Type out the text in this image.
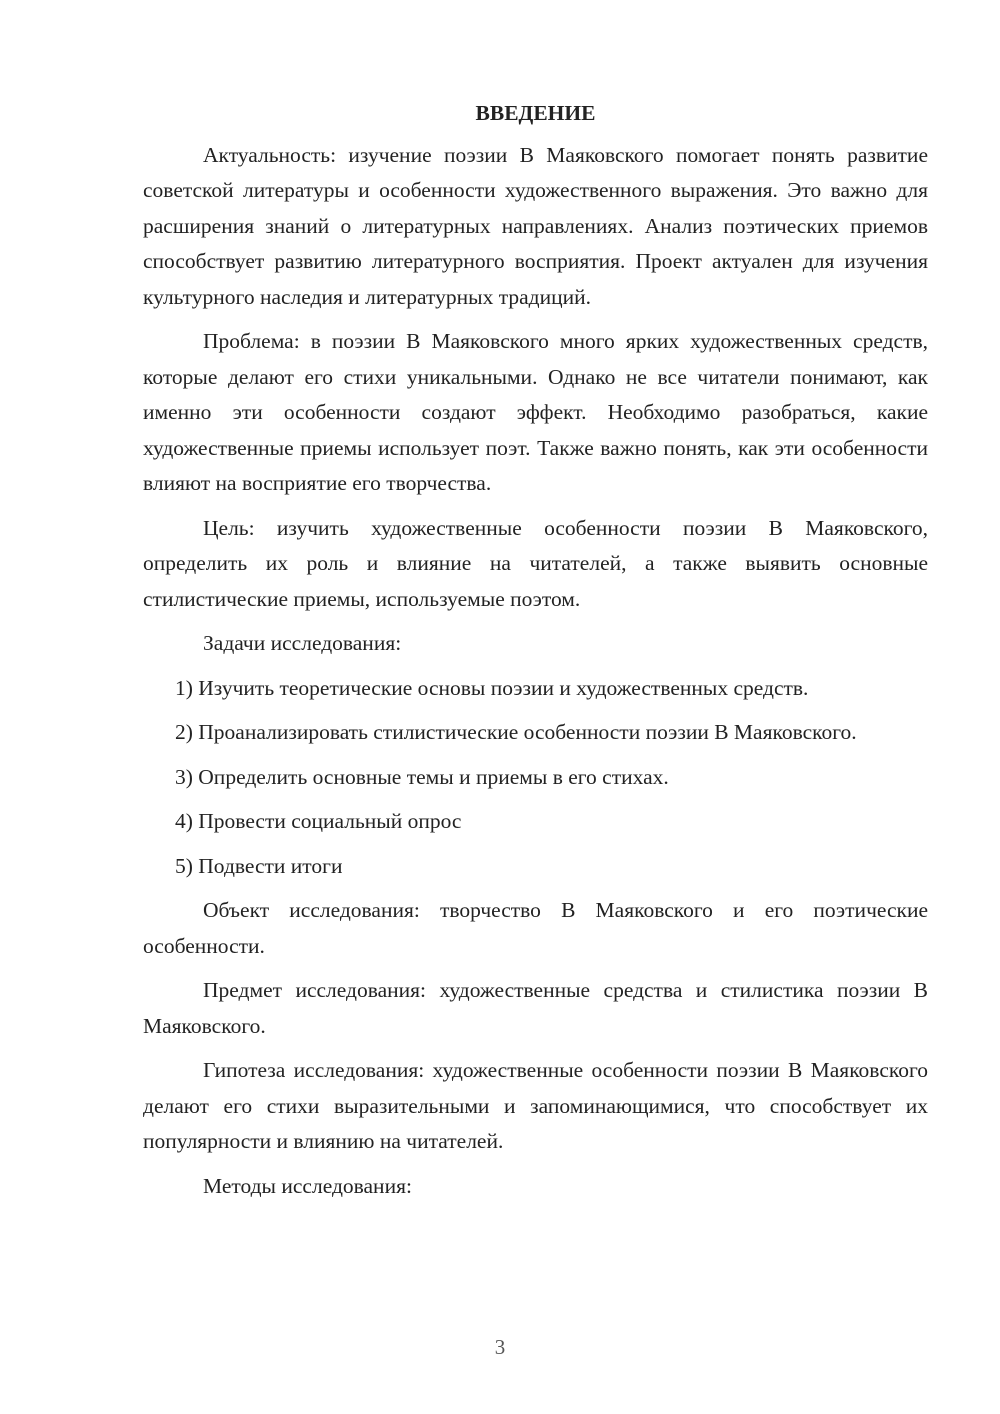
ВВЕДЕНИЕ

Актуальность: изучение поэзии В Маяковского помогает понять развитие советской литературы и особенности художественного выражения. Это важно для расширения знаний о литературных направлениях. Анализ поэтических приемов способствует развитию литературного восприятия. Проект актуален для изучения культурного наследия и литературных традиций.

Проблема: в поэзии В Маяковского много ярких художественных средств, которые делают его стихи уникальными. Однако не все читатели понимают, как именно эти особенности создают эффект. Необходимо разобраться, какие художественные приемы использует поэт. Также важно понять, как эти особенности влияют на восприятие его творчества.

Цель: изучить художественные особенности поэзии В Маяковского, определить их роль и влияние на читателей, а также выявить основные стилистические приемы, используемые поэтом.

Задачи исследования:

1) Изучить теоретические основы поэзии и художественных средств.

2) Проанализировать стилистические особенности поэзии В Маяковского.

3) Определить основные темы и приемы в его стихах.

4) Провести социальный опрос

5) Подвести итоги

Объект исследования: творчество В Маяковского и его поэтические особенности.

Предмет исследования: художественные средства и стилистика поэзии В Маяковского.

Гипотеза исследования: художественные особенности поэзии В Маяковского делают его стихи выразительными и запоминающимися, что способствует их популярности и влиянию на читателей.

Методы исследования:

3
